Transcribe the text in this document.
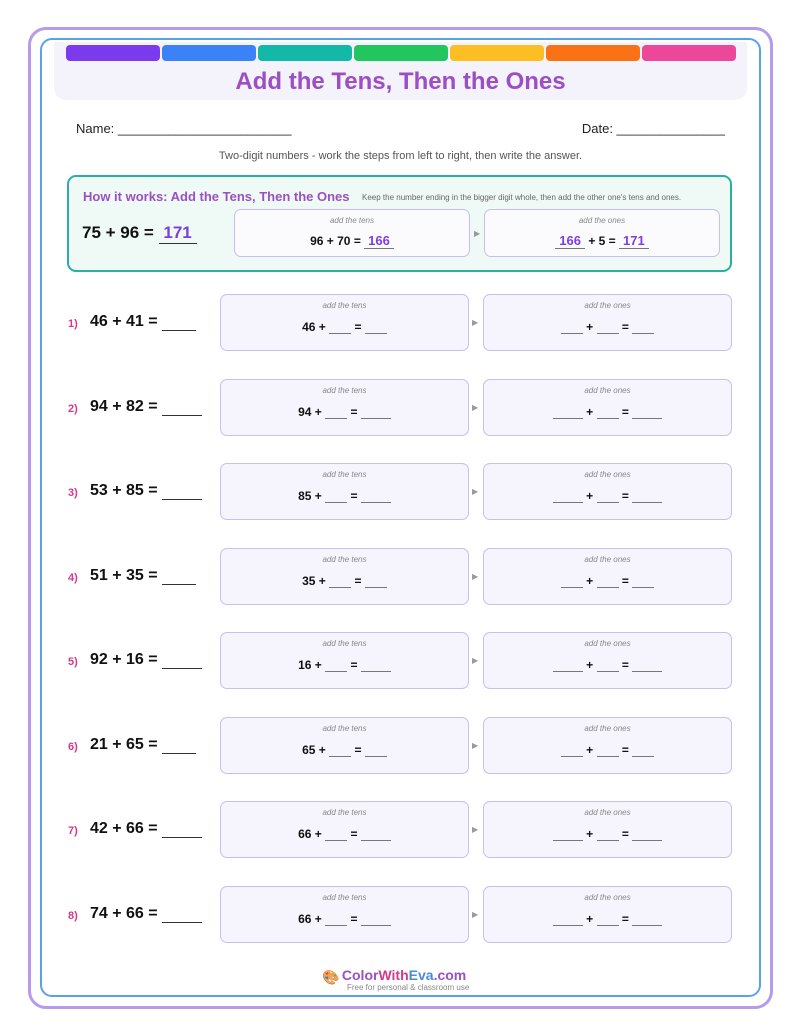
Add the Tens, Then the Ones
Name: ________________________	Date: _______________
Two-digit numbers - work the steps from left to right, then write the answer.
How it works: Add the Tens, Then the Ones Keep the number ending in the bigger digit whole, then add the other one's tens and ones.
75 + 96 = 171
add the tens
96 + 70 = 166	▶
add the ones
166 + 5 = 171
1) 46 + 41 =
add the tens
46 + =	▶
add the ones
+ =
2) 94 + 82 =
add the tens
94 + =	▶
add the ones
+ =
3) 53 + 85 =
add the tens
85 + =	▶
add the ones
+ =
4) 51 + 35 =
add the tens
35 + =	▶
add the ones
+ =
5) 92 + 16 =
add the tens
16 + =	▶
add the ones
+ =
6) 21 + 65 =
add the tens
65 + =	▶
add the ones
+ =
7) 42 + 66 =
add the tens
66 + =	▶
add the ones
+ =
8) 74 + 66 =
add the tens
66 + =	▶
add the ones
+ =
🎨 ColorWithEva.com
Free for personal & classroom use
